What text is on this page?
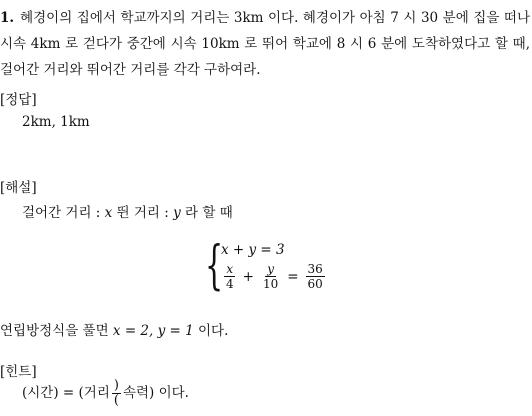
1. 혜경이의 집에서 학교까지의 거리는 3km 이다. 혜경이가 아침 7 시 30 분에 집을 떠나 시속 4km 로 걷다가 중간에 시속 10km 로 뛰어 학교에 8 시 6 분에 도착하였다고 할 때, 걸어간 거리와 뛰어간 거리를 각각 구하여라.
[정답]
2km, 1km
[해설]
걸어간 거리 : x 뛴 거리 : y 라 할 때
{
x + y = 3
$\frac{x}{4} + \frac{y}{10} = \frac{36}{60}$
연립방정식을 풀면 x = 2, y = 1 이다.
[힌트]
(시간) = (거리 $\frac{)}{(}$ 속력) 이다.
